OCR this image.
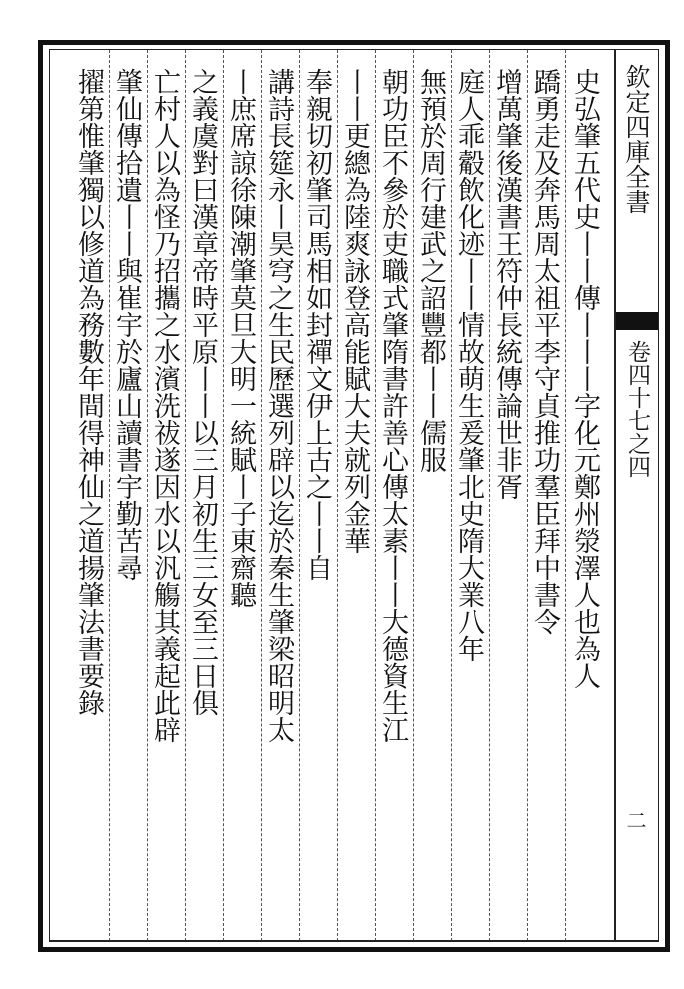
欽定四庫全書
卷四十七之四
二
史弘肇五代史丨丨傳丨丨丨字化元鄭州滎澤人也為人
蹻勇走及奔馬周太祖平李守貞推功羣臣拜中書令
增萬肇後漢書王符仲長統傳論世非胥
庭人乖觳飲化迹丨丨情故萌生爰肇北史隋大業八年
無預於周行建武之詔豐都丨丨儒服
朝功臣不參於吏職式肇隋書許善心傳太素丨丨大德資生江
丨丨更總為陸爽詠登高能賦大夫就列金華
奉親切初肇司馬相如封禪文伊上古之丨丨自
講詩長筵永丨昊穹之生民歷選列辟以迄於秦生肇梁昭明太
丨庶席諒徐陳潮肇莫旦大明一統賦丨子東齋聽
之義虞對曰漢章帝時平原丨丨以三月初生三女至三日俱
亡村人以為怪乃招攜之水濱洗祓遂因水以汎觴其義起此辟
肇仙傳拾遺丨丨與崔宇於廬山讀書宇勤苦尋
擢第惟肇獨以修道為務數年間得神仙之道揚肇法書要錄
